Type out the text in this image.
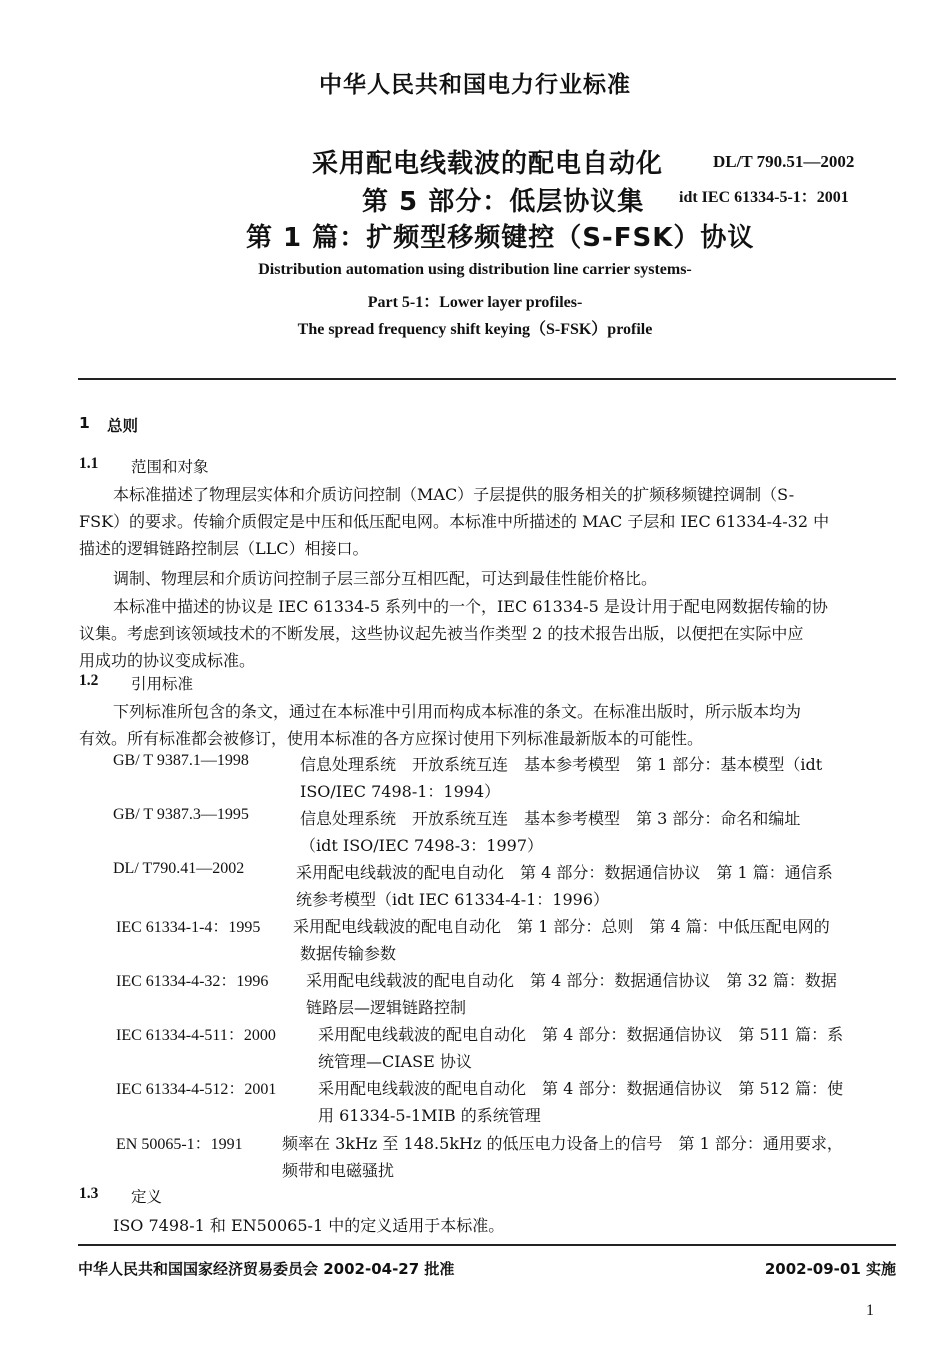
中华人民共和国电力行业标准
采用配电线载波的配电自动化
第 5 部分：低层协议集
第 1 篇：扩频型移频键控（S-FSK）协议
DL/T 790.51—2002
idt IEC 61334-5-1：2001
Distribution automation using distribution line carrier systems-
Part 5-1：Lower layer profiles-
The spread frequency shift keying（S-FSK）profile
1 总则
1.1 范围和对象
本标准描述了物理层实体和介质访问控制（MAC）子层提供的服务相关的扩频移频键控调制（S-
FSK）的要求。传输介质假定是中压和低压配电网。本标准中所描述的 MAC 子层和 IEC 61334-4-32 中
描述的逻辑链路控制层（LLC）相接口。
调制、物理层和介质访问控制子层三部分互相匹配，可达到最佳性能价格比。
本标准中描述的协议是 IEC 61334-5 系列中的一个，IEC 61334-5 是设计用于配电网数据传输的协
议集。考虑到该领域技术的不断发展，这些协议起先被当作类型 2 的技术报告出版，以便把在实际中应
用成功的协议变成标准。
1.2 引用标准
下列标准所包含的条文，通过在本标准中引用而构成本标准的条文。在标准出版时，所示版本均为
有效。所有标准都会被修订，使用本标准的各方应探讨使用下列标准最新版本的可能性。
GB/ T 9387.1—1998	信息处理系统　开放系统互连　基本参考模型　第 1 部分：基本模型（idt
ISO/IEC 7498-1：1994）
GB/ T 9387.3—1995	信息处理系统　开放系统互连　基本参考模型　第 3 部分：命名和编址
（idt ISO/IEC 7498-3：1997）
DL/ T790.41—2002	采用配电线载波的配电自动化　第 4 部分：数据通信协议　第 1 篇：通信系
统参考模型（idt IEC 61334-4-1：1996）
IEC 61334-1-4：1995 采用配电线载波的配电自动化　第 1 部分：总则　第 4 篇：中低压配电网的
数据传输参数
IEC 61334-4-32：1996 采用配电线载波的配电自动化　第 4 部分：数据通信协议　第 32 篇：数据
链路层—逻辑链路控制
IEC 61334-4-511：2000	采用配电线载波的配电自动化　第 4 部分：数据通信协议　第 511 篇：系
统管理—CIASE 协议
IEC 61334-4-512：2001	采用配电线载波的配电自动化　第 4 部分：数据通信协议　第 512 篇：使
用 61334-5-1MIB 的系统管理
EN 50065-1：1991 频率在 3kHz 至 148.5kHz 的低压电力设备上的信号　第 1 部分：通用要求，
频带和电磁骚扰
1.3 定义
ISO 7498-1 和 EN50065-1 中的定义适用于本标准。
中华人民共和国国家经济贸易委员会 2002-04-27 批准	2002-09-01 实施
1
